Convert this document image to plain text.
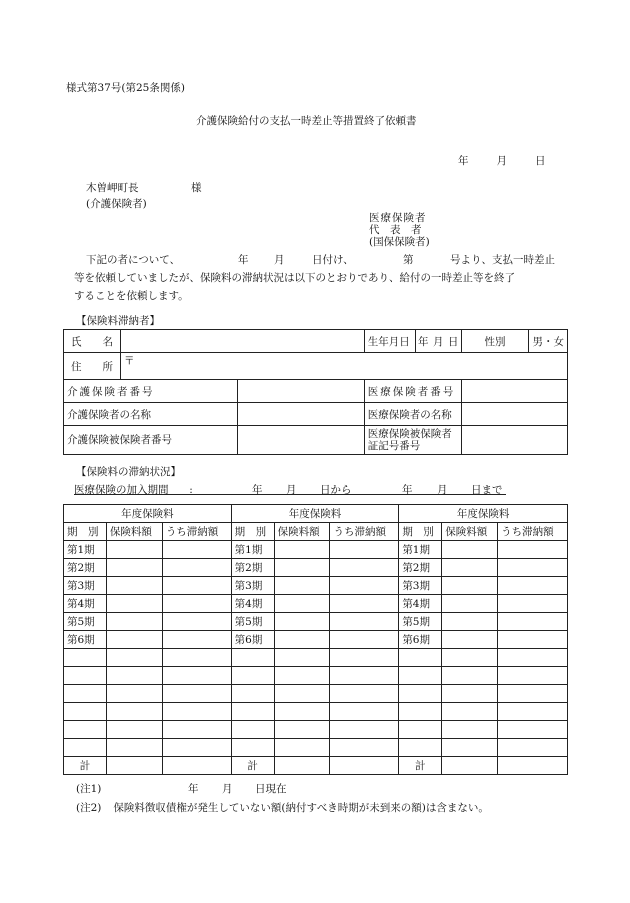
様式第37号(第25条関係)
介護保険給付の支払一時差止等措置終了依頼書
年	月	日
木曽岬町長	様
(介護保険者)
医療保険者
代　表　者
(国保保険者)
下記の者について、	年 月	日付け、	第	号より、支払一時差止
等を依頼していましたが、保険料の滞納状況は以下のとおりであり、給付の一時差止等を終了
することを依頼します。
【保険料滞納者】
氏　　名			生年月日 年 月 日	性別	男・女
住　　所	〒				
介護保険者番号			医療保険者番号		
介護保険者の名称			医療保険者の名称		
介護保険被保険者番号			医療保険被保険者証記号番号		
【保険料の滞納状況】
医療保険の加入期間 :	年 月 日から	年 月 日まで
年度保険料			年度保険料			年度保険料		
期　別	保険料額	うち滞納額	期　別	保険料額	うち滞納額	期　別	保険料額	うち滞納額
第1期			第1期			第1期		
第2期			第2期			第2期		
第3期			第3期			第3期		
第4期			第4期			第4期		
第5期			第5期			第5期		
第6期			第6期			第6期		

計			計			計		
(注1)	年 月 日現在
(注2) 保険料徴収債権が発生していない額(納付すべき時期が未到来の額)は含まない。
